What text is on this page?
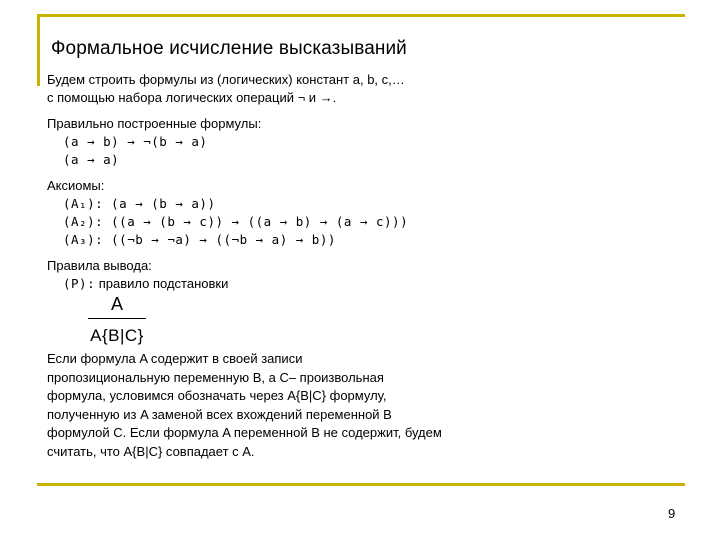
Формальное исчисление высказываний

Будем строить формулы из (логических) констант a, b, c,…

с помощью набора логических операций ¬ и →.

Правильно построенные формулы:

(a → b) → ¬(b → a)

(a → a)

Аксиомы:

(A₁): (a → (b → a))

(A₂): ((a → (b → c)) → ((a → b) → (a → c)))

(A₃): ((¬b → ¬a) → ((¬b → a) → b))

Правила вывода:

(P): правило подстановки

A
A{B|C}

Если формула A содержит в своей записи

пропозициональную переменную B, а C– произвольная

формула, условимся обозначать через A{B|C} формулу,

полученную из A заменой всех вхождений переменной B

формулой C. Если формула A переменной B не содержит, будем

считать, что A{B|C} совпадает с A.

9
